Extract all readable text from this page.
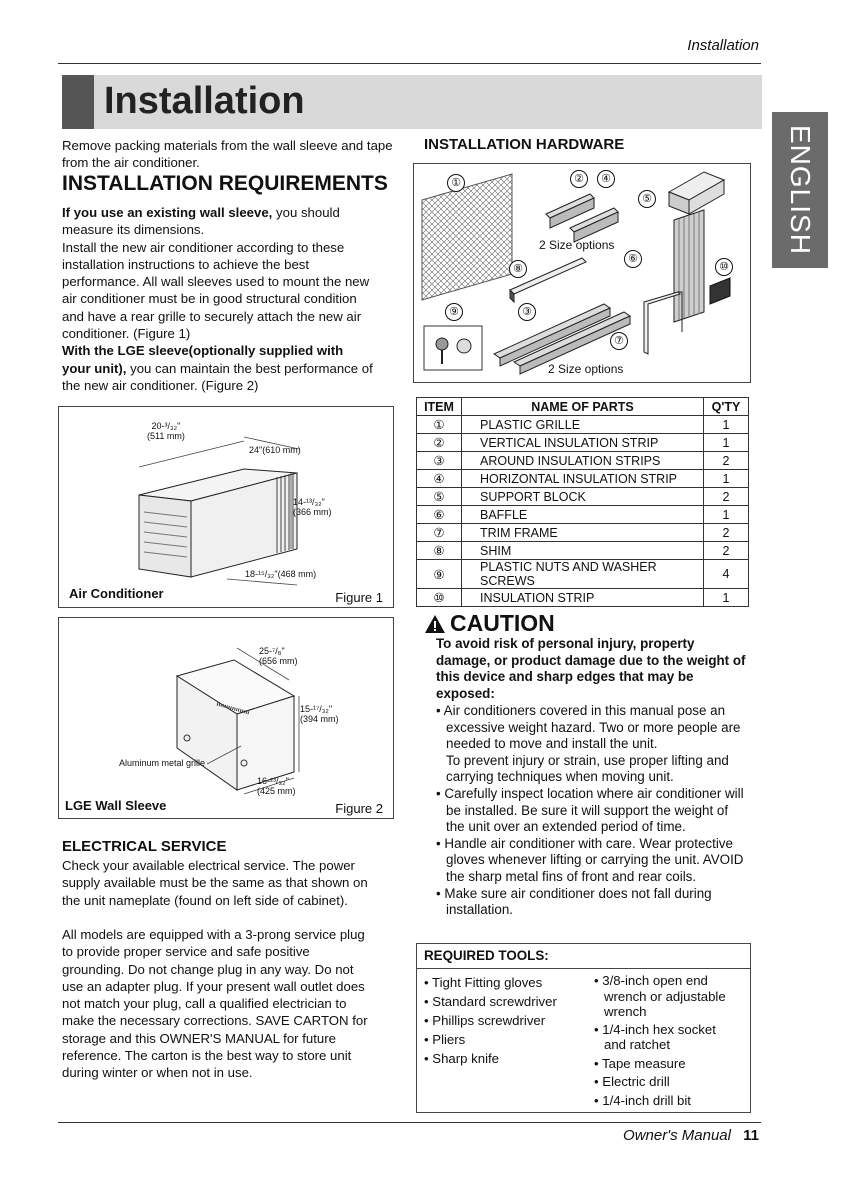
Installation
Installation
ENGLISH
Remove packing materials from the wall sleeve and tape
from the air conditioner.
INSTALLATION REQUIREMENTS
If you use an existing wall sleeve, you should
measure its dimensions.
Install the new air conditioner according to these
installation instructions to achieve the best
performance. All wall sleeves used to mount the new
air conditioner must be in good structural condition
and have a rear grille to securely attach the new air
conditioner. (Figure 1)
With the LGE sleeve(optionally supplied with
your unit), you can maintain the best performance of
the new air conditioner. (Figure 2)
20-³/₃₂"
(511 mm)
24"(610 mm)
14-¹³/₃₂"
(366 mm)
18-¹⁵/₃₂"(468 mm)
Air Conditioner	Figure 1
25-⁷/₈"
(656 mm)
15-¹⁷/₃₂"
(394 mm)
16-²³/₃₂"
(425 mm)
Aluminum metal grille
LGE Wall Sleeve	Figure 2
ELECTRICAL SERVICE
Check your available electrical service. The power
supply available must be the same as that shown on
the unit nameplate (found on left side of cabinet).
All models are equipped with a 3-prong service plug
to provide proper service and safe positive
grounding. Do not change plug in any way. Do not
use an adapter plug. If your present wall outlet does
not match your plug, call a qualified electrician to
make the necessary corrections. SAVE CARTON for
storage and this OWNER'S MANUAL for future
reference. The carton is the best way to store unit
during winter or when not in use.
INSTALLATION HARDWARE
①	②	④
⑤
⑥
⑧	⑩
⑨	③
⑦
2 Size options
2 Size options
ITEM	NAME OF PARTS	Q'TY
①	PLASTIC GRILLE	1
②	VERTICAL INSULATION STRIP	1
③	AROUND INSULATION STRIPS	2
④	HORIZONTAL INSULATION STRIP	1
⑤	SUPPORT BLOCK	2
⑥	BAFFLE	1
⑦	TRIM FRAME	2
⑧	SHIM	2
⑨	PLASTIC NUTS AND WASHER SCREWS	4
⑩	INSULATION STRIP	1
CAUTION
To avoid risk of personal injury, property
damage, or product damage due to the weight of
this device and sharp edges that may be
exposed:
• Air conditioners covered in this manual pose an
excessive weight hazard. Two or more people are
needed to move and install the unit.
To prevent injury or strain, use proper lifting and
carrying techniques when moving unit.
• Carefully inspect location where air conditioner will
be installed. Be sure it will support the weight of
the unit over an extended period of time.
• Handle air conditioner with care. Wear protective
gloves whenever lifting or carrying the unit. AVOID
the sharp metal fins of front and rear coils.
• Make sure air conditioner does not fall during
installation.
REQUIRED TOOLS:
• Tight Fitting gloves
• Standard screwdriver
• Phillips screwdriver
• Pliers
• Sharp knife
• 3/8-inch open end
wrench or adjustable
wrench
• 1/4-inch hex socket
and ratchet
• Tape measure
• Electric drill
• 1/4-inch drill bit
Owner's Manual 11
